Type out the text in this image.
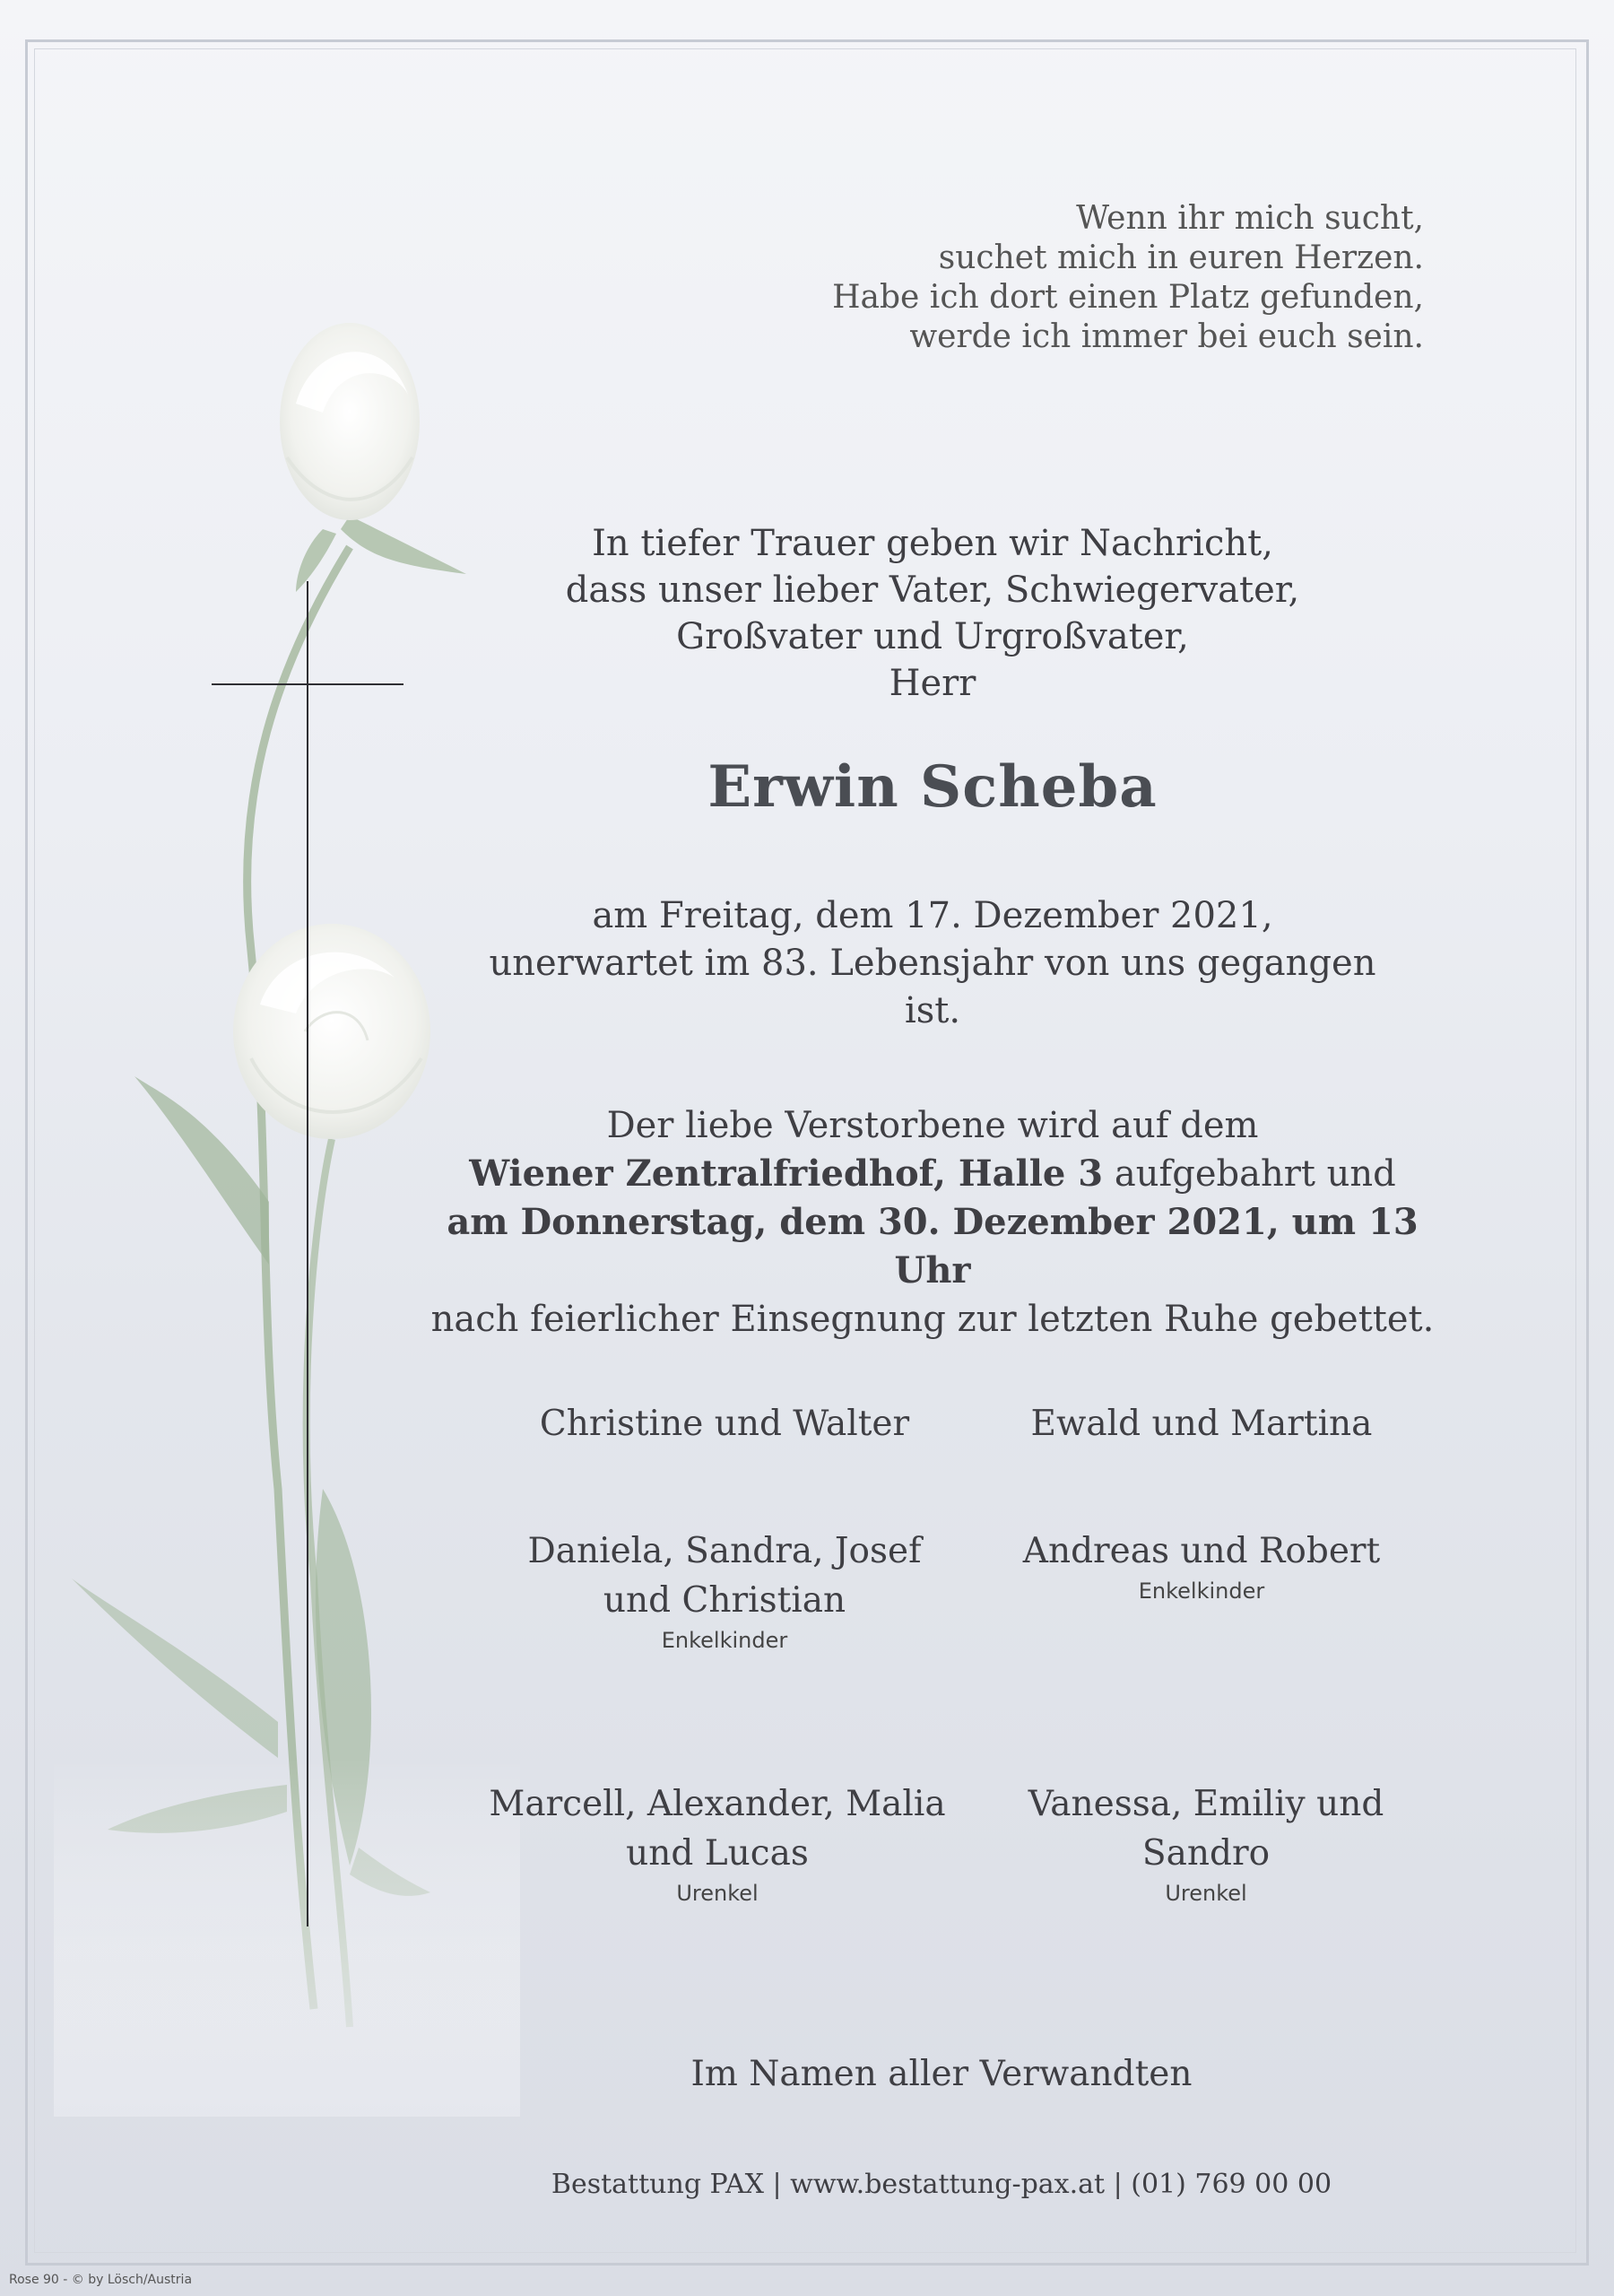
Wenn ihr mich sucht,
suchet mich in euren Herzen.
Habe ich dort einen Platz gefunden,
werde ich immer bei euch sein.
In tiefer Trauer geben wir Nachricht,
dass unser lieber Vater, Schwiegervater,
Großvater und Urgroßvater,
Herr
Erwin Scheba
am Freitag, dem 17. Dezember 2021,
unerwartet im 83. Lebensjahr von uns gegangen ist.
Der liebe Verstorbene wird auf dem
Wiener Zentralfriedhof, Halle 3 aufgebahrt und
am Donnerstag, dem 30. Dezember 2021, um 13 Uhr
nach feierlicher Einsegnung zur letzten Ruhe gebettet.
Christine und Walter	Ewald und Martina
Daniela, Sandra, Josef
und Christian
Enkelkinder
Andreas und Robert
Enkelkinder
Marcell, Alexander, Malia
und Lucas
Urenkel
Vanessa, Emiliy und Sandro
Urenkel
Im Namen aller Verwandten
Bestattung PAX | www.bestattung-pax.at | (01) 769 00 00
Rose 90 - © by Lösch/Austria
